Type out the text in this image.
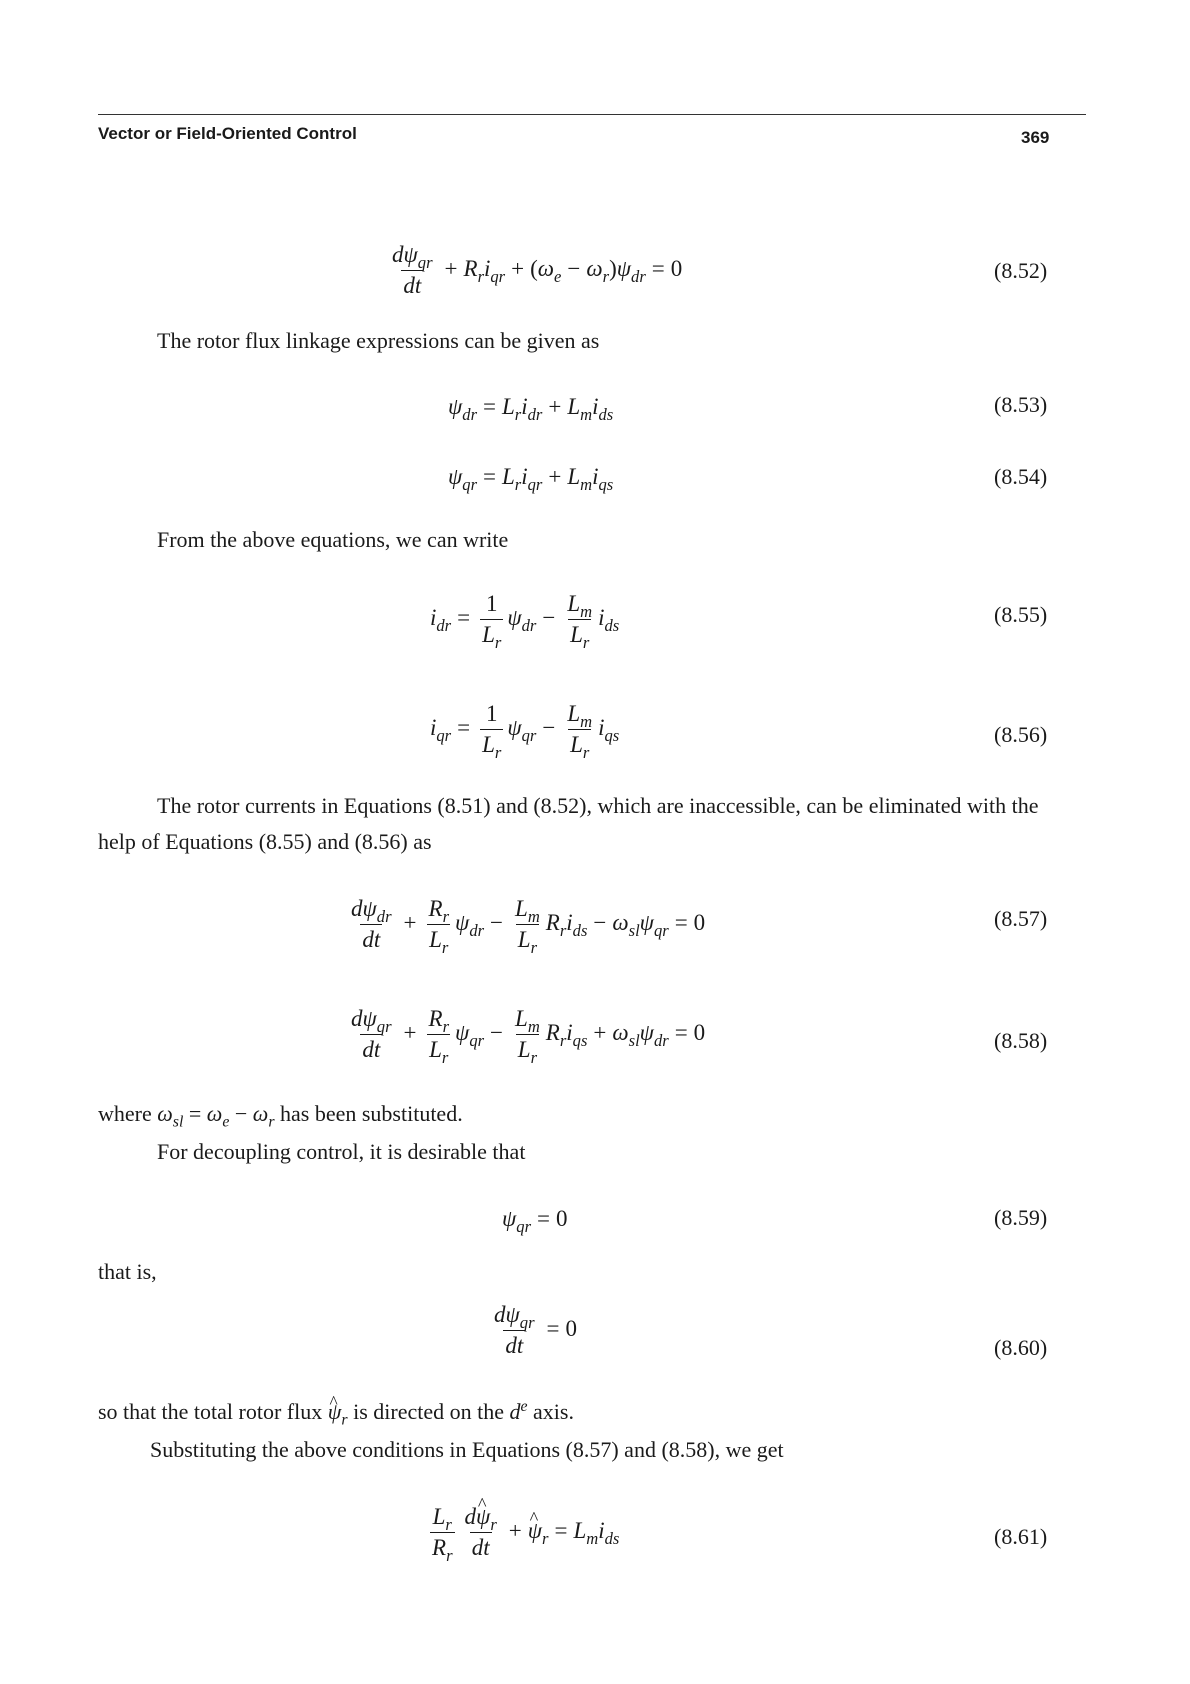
Vector or Field-Oriented Control	369
$\frac{d\psi_{qr}}{dt} + R_ri_{qr} + (\omega_e - \omega_r)\psi_{dr} = 0$	(8.52)

The rotor flux linkage expressions can be given as

$\psi_{dr} = L_ri_{dr} + L_mi_{ds}$	(8.53)
$\psi_{qr} = L_ri_{qr} + L_mi_{qs}$	(8.54)

From the above equations, we can write

$i_{dr} = \frac{1}{L_r} \psi_{dr} - \frac{L_m}{L_r} i_{ds}$	(8.55)
$i_{qr} = \frac{1}{L_r} \psi_{qr} - \frac{L_m}{L_r} i_{qs}$	(8.56)

The rotor currents in Equations (8.51) and (8.52), which are inaccessible, can be eliminated with the help of Equations (8.55) and (8.56) as

$\frac{d\psi_{dr}}{dt} + \frac{R_r}{L_r} \psi_{dr} - \frac{L_m}{L_r} R_ri_{ds} - \omega_{sl}\psi_{qr} = 0$	(8.57)
$\frac{d\psi_{qr}}{dt} + \frac{R_r}{L_r} \psi_{qr} - \frac{L_m}{L_r} R_ri_{qs} + \omega_{sl}\psi_{dr} = 0$	(8.58)

where $\omega_{sl} = \omega_e - \omega_r$ has been substituted.

For decoupling control, it is desirable that

$\psi_{qr} = 0$	(8.59)

that is,

$\frac{d\psi_{qr}}{dt} = 0$
(8.60)

so that the total rotor flux ψ $\^{}_r$ is directed on the $d^e$ axis.

Substituting the above conditions in Equations (8.57) and (8.58), we get

$\frac{L_r}{R_r} \frac{d\psi \^{}_r}{dt} + \psi$ $\^{}_r = L_mi_{ds}$	(8.61)
